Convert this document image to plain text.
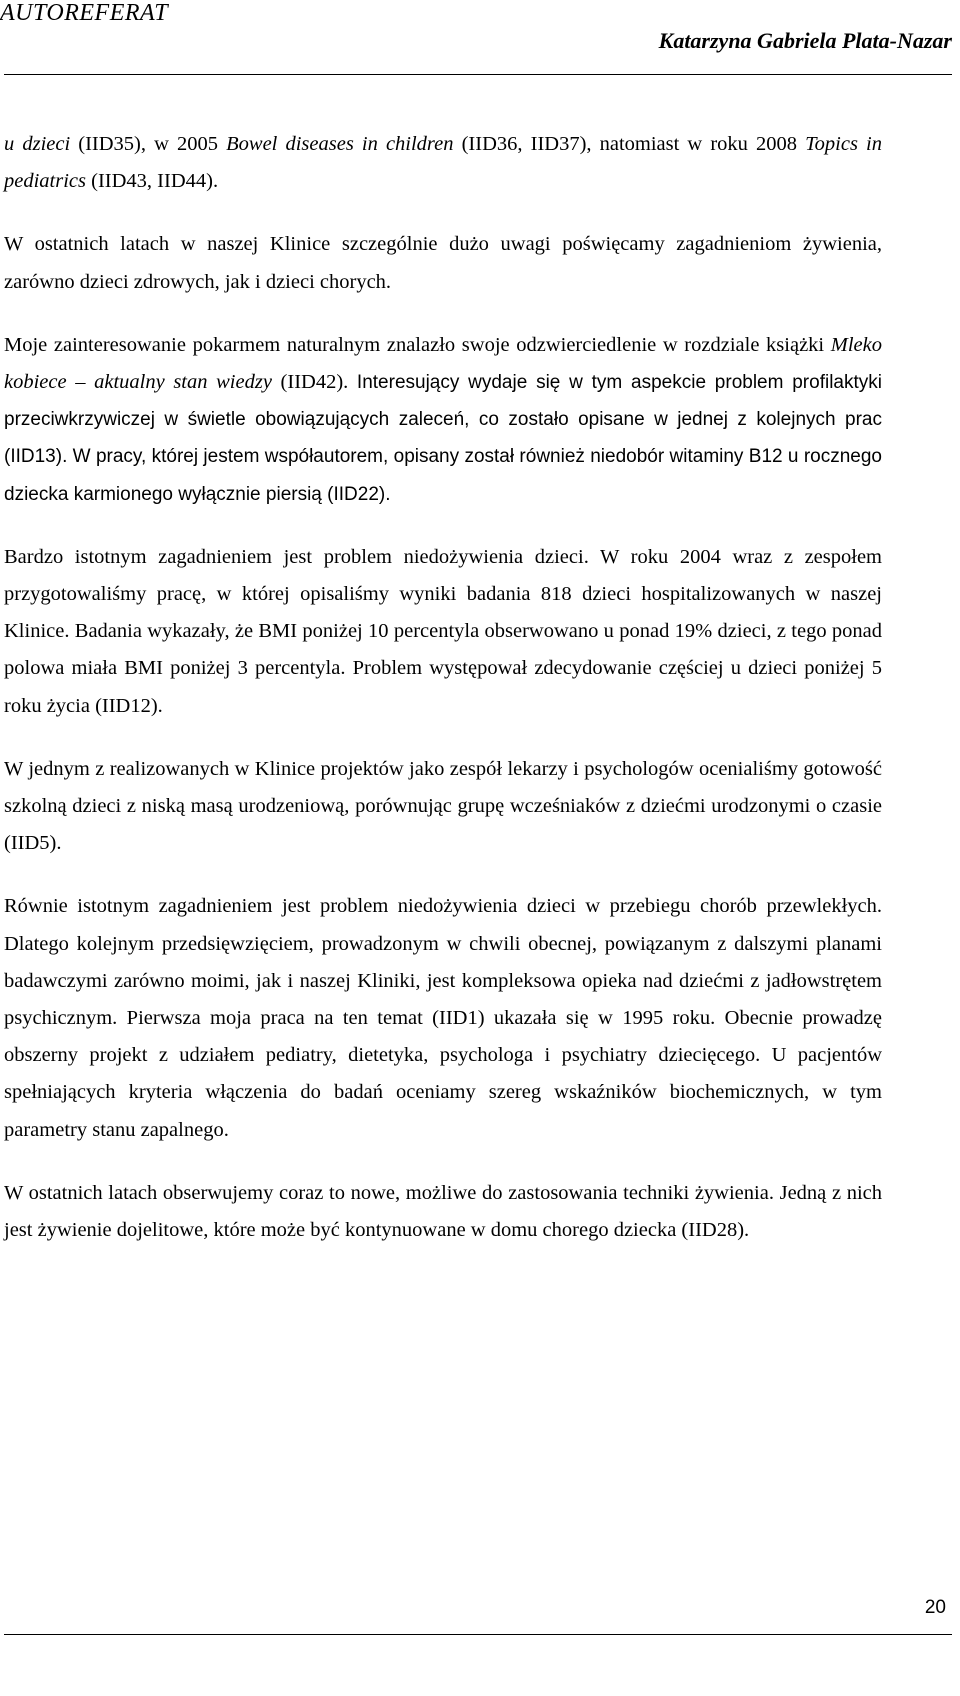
AUTOREFERAT
Katarzyna Gabriela Plata-Nazar

u dzieci (IID35), w 2005 Bowel diseases in children (IID36, IID37), natomiast w roku 2008 Topics in pediatrics (IID43, IID44).

W ostatnich latach w naszej Klinice szczególnie dużo uwagi poświęcamy zagadnieniom żywienia, zarówno dzieci zdrowych, jak i dzieci chorych.

Moje zainteresowanie pokarmem naturalnym znalazło swoje odzwierciedlenie w rozdziale książki Mleko kobiece – aktualny stan wiedzy (IID42). Interesujący wydaje się w tym aspekcie problem profilaktyki przeciwkrzywiczej w świetle obowiązujących zaleceń, co zostało opisane w jednej z kolejnych prac (IID13). W pracy, której jestem współautorem, opisany został również niedobór witaminy B12 u rocznego dziecka karmionego wyłącznie piersią (IID22).

Bardzo istotnym zagadnieniem jest problem niedożywienia dzieci. W roku 2004 wraz z zespołem przygotowaliśmy pracę, w której opisaliśmy wyniki badania 818 dzieci hospitalizowanych w naszej Klinice. Badania wykazały, że BMI poniżej 10 percentyla obserwowano u ponad 19% dzieci, z tego ponad polowa miała BMI poniżej 3 percentyla. Problem występował zdecydowanie częściej u dzieci poniżej 5 roku życia (IID12).

W jednym z realizowanych w Klinice projektów jako zespół lekarzy i psychologów ocenialiśmy gotowość szkolną dzieci z niską masą urodzeniową, porównując grupę wcześniaków z dziećmi urodzonymi o czasie (IID5).

Równie istotnym zagadnieniem jest problem niedożywienia dzieci w przebiegu chorób przewlekłych. Dlatego kolejnym przedsięwzięciem, prowadzonym w chwili obecnej, powiązanym z dalszymi planami badawczymi zarówno moimi, jak i naszej Kliniki, jest kompleksowa opieka nad dziećmi z jadłowstrętem psychicznym. Pierwsza moja praca na ten temat (IID1) ukazała się w 1995 roku. Obecnie prowadzę obszerny projekt z udziałem pediatry, dietetyka, psychologa i psychiatry dziecięcego. U pacjentów spełniających kryteria włączenia do badań oceniamy szereg wskaźników biochemicznych, w tym parametry stanu zapalnego.

W ostatnich latach obserwujemy coraz to nowe, możliwe do zastosowania techniki żywienia. Jedną z nich jest żywienie dojelitowe, które może być kontynuowane w domu chorego dziecka (IID28).

20
